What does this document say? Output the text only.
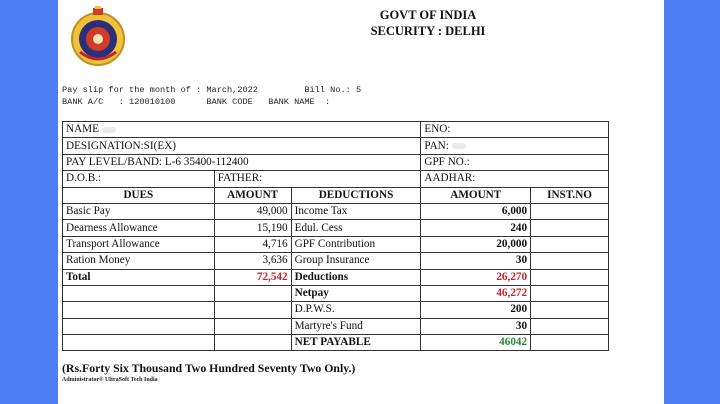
GOVT OF INDIA
SECURITY : DELHI
Pay slip for the month of : March,2022         Bill No.: 5
BANK A/C   : 120010100      BANK CODE   BANK NAME  :
NAME			ENO:	
DESIGNATION:SI(EX)			PAN:	
PAY LEVEL/BAND: L-6 35400-112400			GPF NO.:	
D.O.B.:	FATHER:		AADHAR:	
DUES	AMOUNT	DEDUCTIONS	AMOUNT	INST.NO
Basic Pay	49,000	Income Tax	6,000	
Dearness Allowance	15,190	Edul. Cess	240	
Transport Allowance	4,716	GPF Contribution	20,000	
Ration Money	3,636	Group Insurance	30	
Total	72,542	Deductions	26,270	
		Netpay	46,272	
		D.P.W.S.	200	
		Martyre's Fund	30	
		NET PAYABLE	46042	
(Rs.Forty Six Thousand Two Hundred Seventy Two Only.)
Administrator® UltraSoft Tech India
